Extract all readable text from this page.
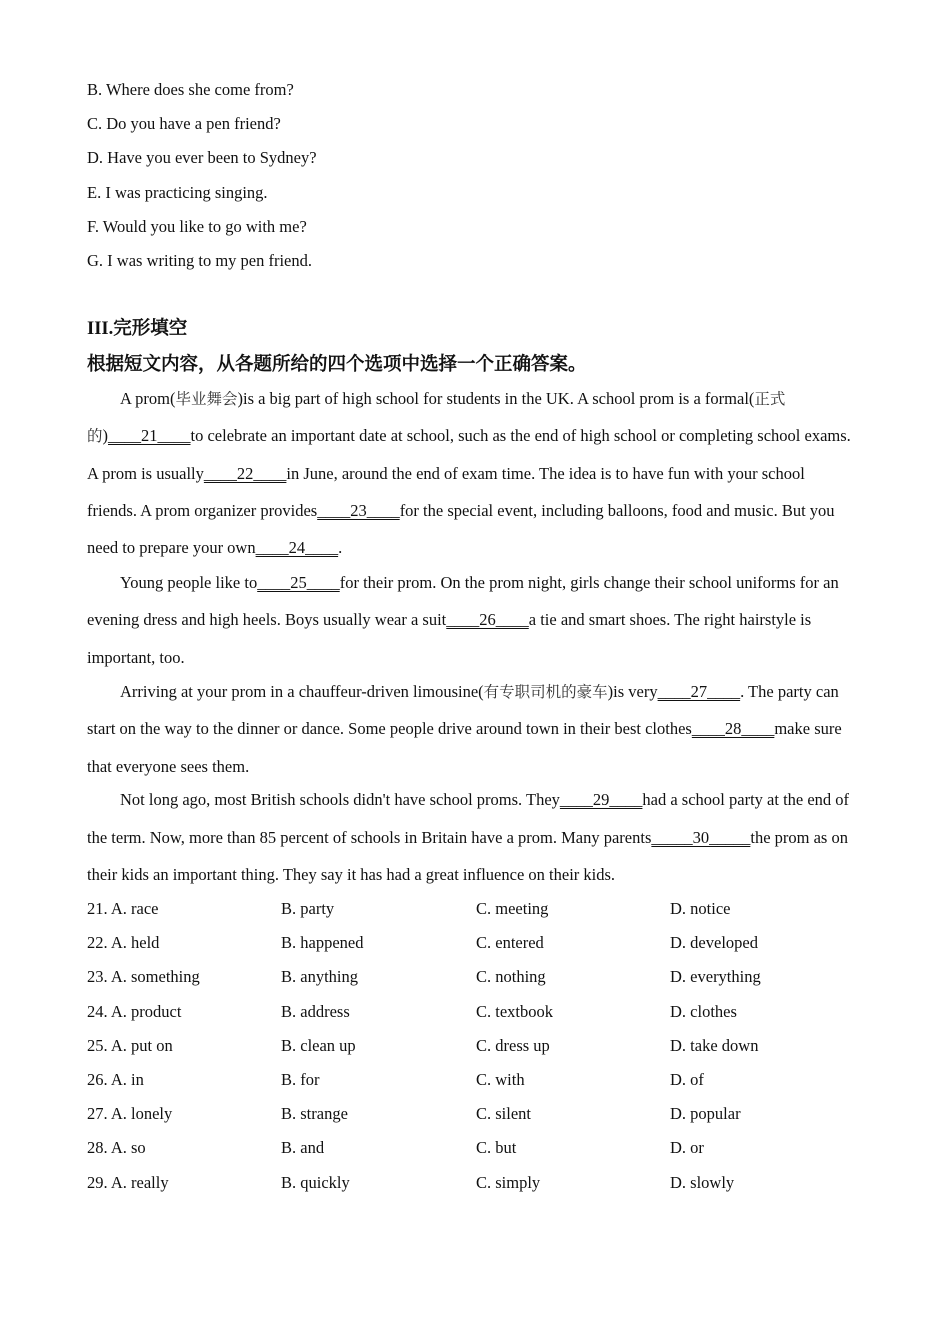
B. Where does she come from?
C. Do you have a pen friend?
D. Have you ever been to Sydney?
E. I was practicing singing.
F. Would you like to go with me?
G. I was writing to my pen friend.
III.完形填空
根据短文内容，从各题所给的四个选项中选择一个正确答案。
A prom(毕业舞会)is a big part of high school for students in the UK. A school prom is a formal(正式
的)____21____to celebrate an important date at school, such as the end of high school or completing school exams.
A prom is usually____22____in June, around the end of exam time. The idea is to have fun with your school
friends. A prom organizer provides____23____for the special event, including balloons, food and music. But you
need to prepare your own____24____.
Young people like to____25____for their prom. On the prom night, girls change their school uniforms for an
evening dress and high heels. Boys usually wear a suit____26____a tie and smart shoes. The right hairstyle is
important, too.
Arriving at your prom in a chauffeur-driven limousine(有专职司机的豪车)is very____27____. The party can
start on the way to the dinner or dance. Some people drive around town in their best clothes____28____make sure
that everyone sees them.
Not long ago, most British schools didn't have school proms. They____29____had a school party at the end of
the term. Now, more than 85 percent of schools in Britain have a prom. Many parents_____30_____the prom as on
their kids an important thing. They say it has had a great influence on their kids.
21. A. race	B. party	C. meeting	D. notice
22. A. held	B. happened	C. entered	D. developed
23. A. something	B. anything	C. nothing	D. everything
24. A. product	B. address	C. textbook	D. clothes
25. A. put on	B. clean up	C. dress up	D. take down
26. A. in	B. for	C. with	D. of
27. A. lonely	B. strange	C. silent	D. popular
28. A. so	B. and	C. but	D. or
29. A. really	B. quickly	C. simply	D. slowly
